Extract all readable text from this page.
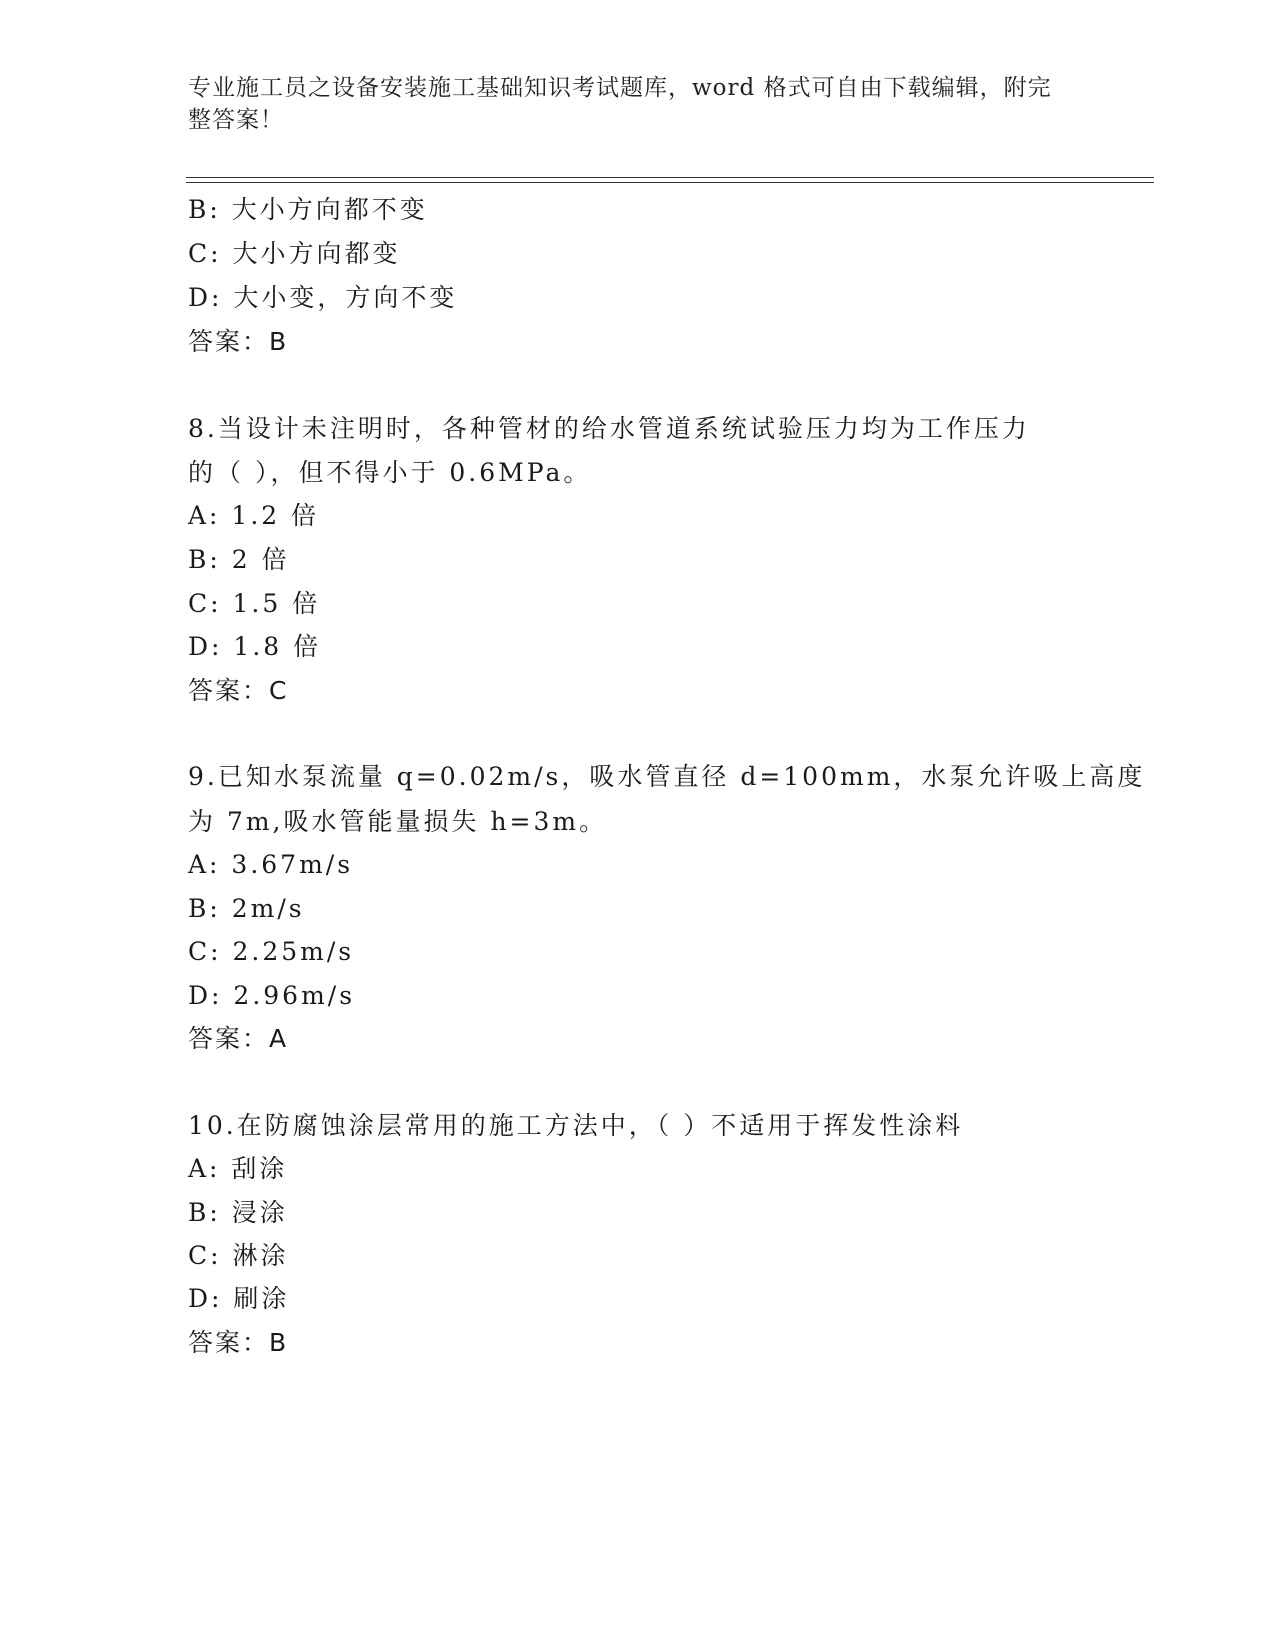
专业施工员之设备安装施工基础知识考试题库，word 格式可自由下载编辑，附完
整答案！
B: 大小方向都不变
C: 大小方向都变
D: 大小变，方向不变
答案：B
8.当设计未注明时，各种管材的给水管道系统试验压力均为工作压力
的（ ），但不得小于 0.6MPa。
A: 1.2 倍
B: 2 倍
C: 1.5 倍
D: 1.8 倍
答案：C
9.已知水泵流量 q=0.02m/s，吸水管直径 d=100mm，水泵允许吸上高度
为 7m,吸水管能量损失 h=3m。
A: 3.67m/s
B: 2m/s
C: 2.25m/s
D: 2.96m/s
答案：A
10.在防腐蚀涂层常用的施工方法中，（ ）不适用于挥发性涂料
A: 刮涂
B: 浸涂
C: 淋涂
D: 刷涂
答案：B
